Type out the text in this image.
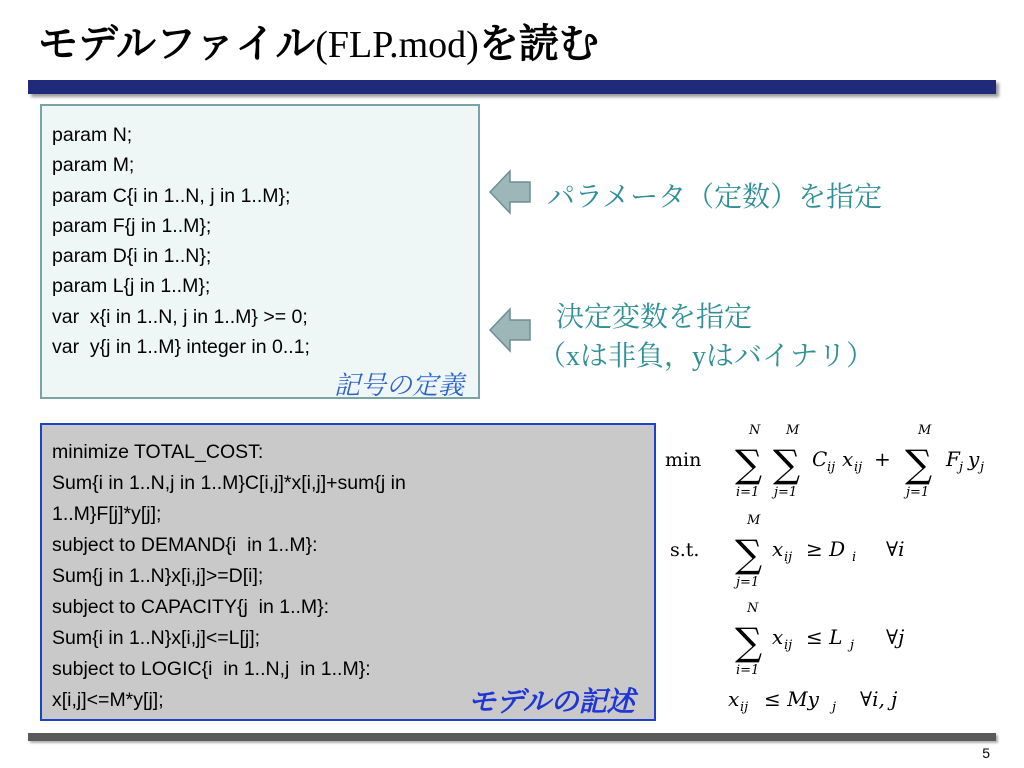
モデルファイル(FLP.mod)を読む
param N;
param M;
param C{i in 1..N, j in 1..M};
param F{j in 1..M};
param D{i in 1..N};
param L{j in 1..M};
var  x{i in 1..N, j in 1..M} >= 0;
var  y{j in 1..M} integer in 0..1;
記号の定義
パラメータ（定数）を指定
決定変数を指定
（xは非負，yはバイナリ）
minimize TOTAL_COST:
Sum{i in 1..N,j in 1..M}C[i,j]*x[i,j]+sum{j in
1..M}F[j]*y[j];
subject to DEMAND{i  in 1..M}:
Sum{j in 1..N}x[i,j]>=D[i];
subject to CAPACITY{j  in 1..M}:
Sum{i in 1..N}x[i,j]<=L[j];
subject to LOGIC{i  in 1..N,j  in 1..M}:
x[i,j]<=M*y[j];	モデルの記述
min
N
∑
i=1
M
∑
j=1
C ij x ij +
M
∑
j=1
F j y j
s.t.
M
∑
j=1
x ij ≥ D i ∀i
N
∑
i=1
x ij ≤ L j ∀j
x ij ≤ My j ∀i, j
5
